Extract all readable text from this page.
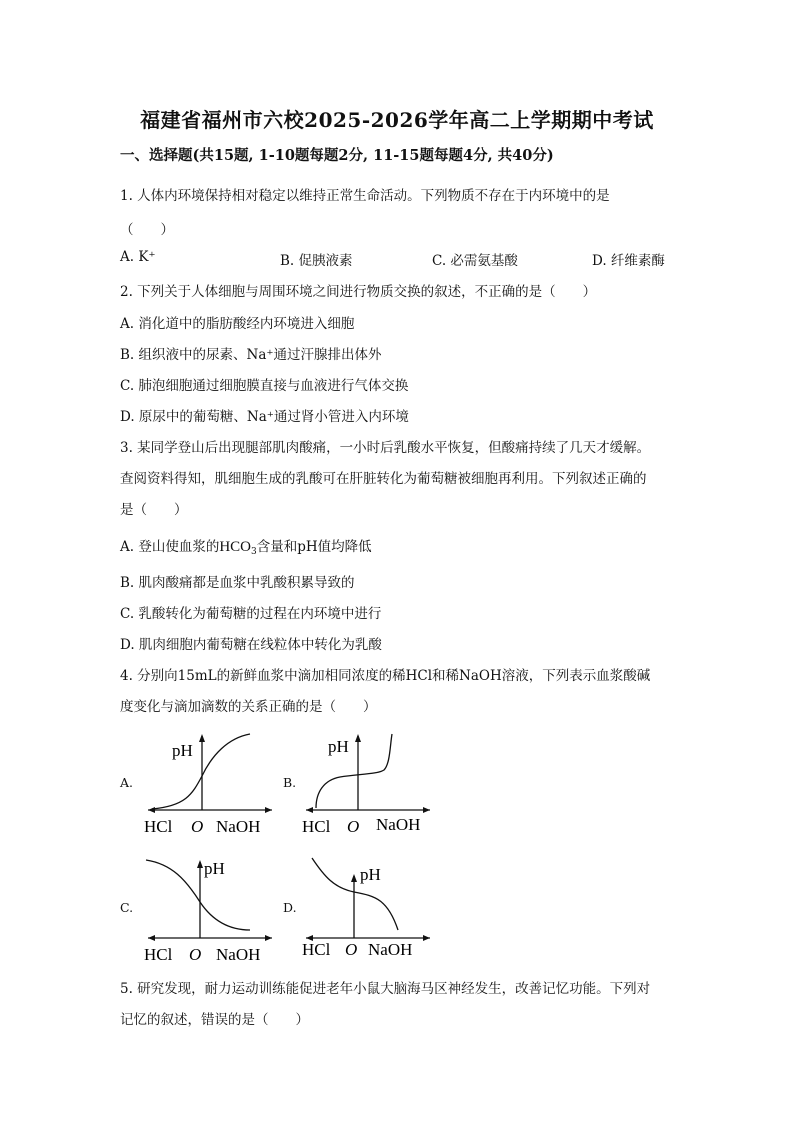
福建省福州市六校2025-2026学年高二上学期期中考试
一、选择题(共15题, 1-10题每题2分, 11-15题每题4分, 共40分)
1. 人体内环境保持相对稳定以维持正常生命活动。下列物质不存在于内环境中的是
（　　）
A. K⁺	B. 促胰液素	C. 必需氨基酸	D. 纤维素酶
2. 下列关于人体细胞与周围环境之间进行物质交换的叙述，不正确的是（　　）
A. 消化道中的脂肪酸经内环境进入细胞
B. 组织液中的尿素、Na⁺通过汗腺排出体外
C. 肺泡细胞通过细胞膜直接与血液进行气体交换
D. 原尿中的葡萄糖、Na⁺通过肾小管进入内环境
3. 某同学登山后出现腿部肌肉酸痛，一小时后乳酸水平恢复，但酸痛持续了几天才缓解。
查阅资料得知，肌细胞生成的乳酸可在肝脏转化为葡萄糖被细胞再利用。下列叙述正确的
是（　　）
A. 登山使血浆的$HCO_3$含量和pH值均降低
B. 肌肉酸痛都是血浆中乳酸积累导致的
C. 乳酸转化为葡萄糖的过程在内环境中进行
D. 肌肉细胞内葡萄糖在线粒体中转化为乳酸
4. 分别向15mL的新鲜血浆中滴加相同浓度的稀HCl和稀NaOH溶液，下列表示血浆酸碱
度变化与滴加滴数的关系正确的是（　　）
A.
pH
HCl O NaOH
B.
pH
HCl O NaOH
C.
pH
HCl O NaOH
D.
pH
HCl O NaOH
5. 研究发现，耐力运动训练能促进老年小鼠大脑海马区神经发生，改善记忆功能。下列对
记忆的叙述，错误的是（　　）
